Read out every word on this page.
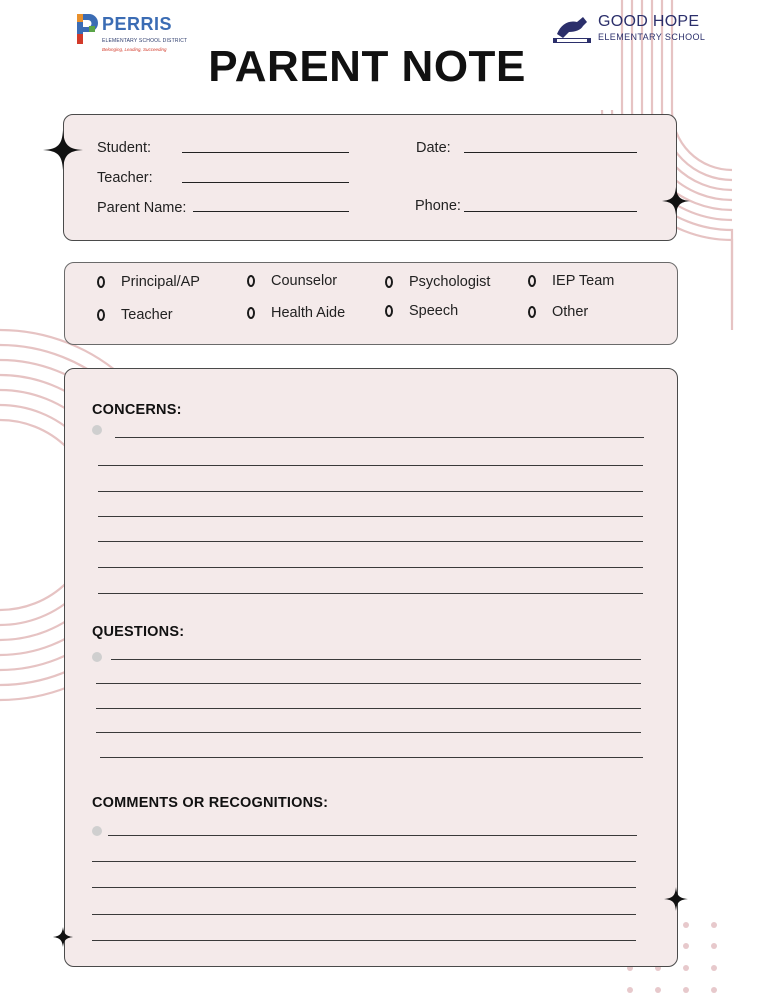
PERRIS
ELEMENTARY SCHOOL DISTRICT
Belonging, Leading, Succeeding
GOOD HOPE
ELEMENTARY SCHOOL
PARENT NOTE
Student:	Date:
Teacher:
Parent Name:	Phone:
Principal/AP	Counselor	Psychologist	IEP Team
Teacher	Health Aide	Speech	Other
CONCERNS:
QUESTIONS:
COMMENTS OR RECOGNITIONS:
